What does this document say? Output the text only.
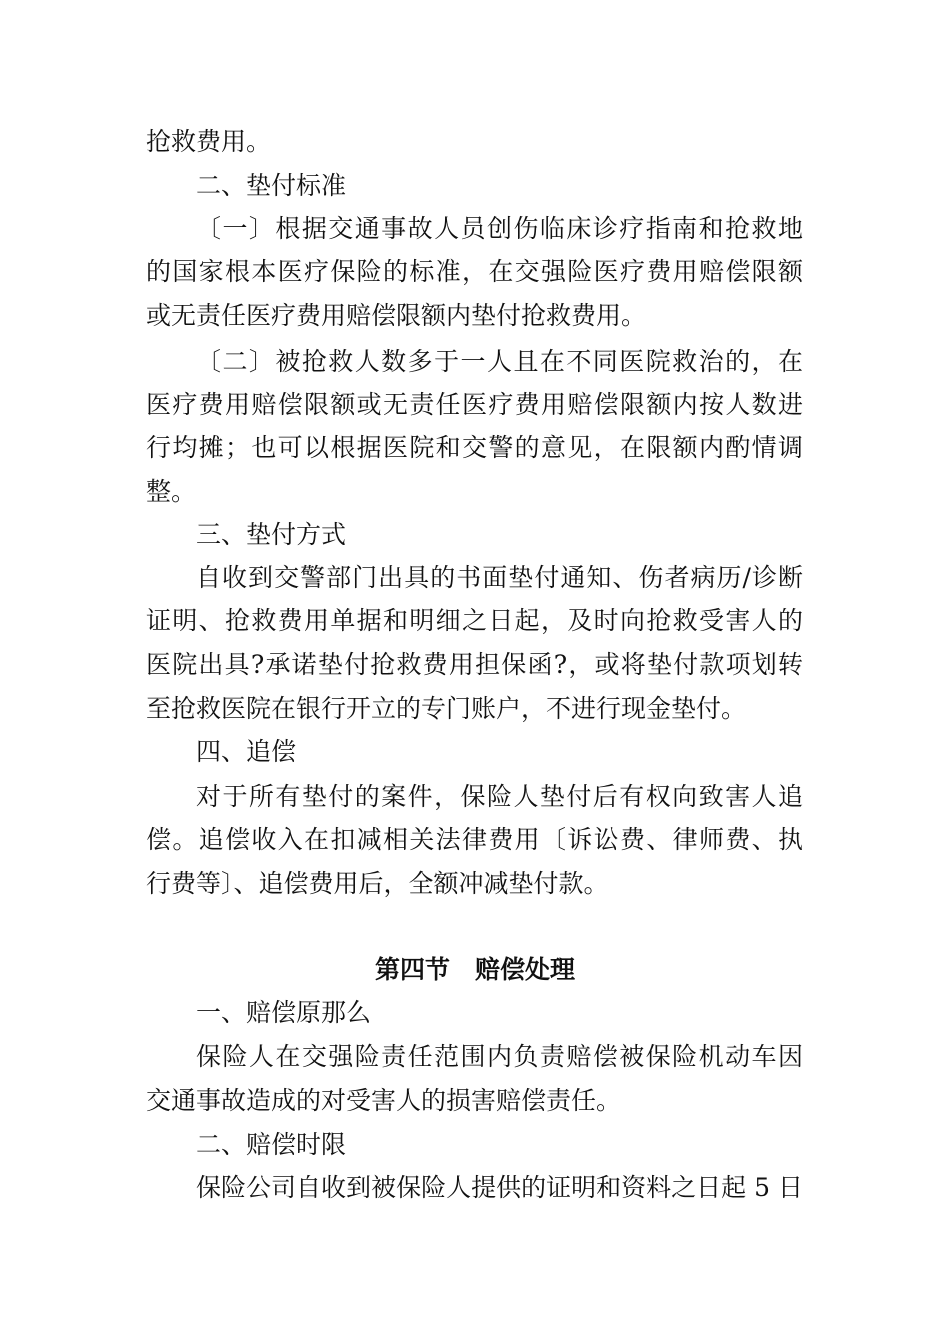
抢救费用。
二、垫付标准
〔一〕根据交通事故人员创伤临床诊疗指南和抢救地
的国家根本医疗保险的标准，在交强险医疗费用赔偿限额
或无责任医疗费用赔偿限额内垫付抢救费用。
〔二〕被抢救人数多于一人且在不同医院救治的，在
医疗费用赔偿限额或无责任医疗费用赔偿限额内按人数进
行均摊；也可以根据医院和交警的意见，在限额内酌情调
整。
三、垫付方式
自收到交警部门出具的书面垫付通知、伤者病历/诊断
证明、抢救费用单据和明细之日起，及时向抢救受害人的
医院出具?承诺垫付抢救费用担保函?，或将垫付款项划转
至抢救医院在银行开立的专门账户，不进行现金垫付。
四、追偿
对于所有垫付的案件，保险人垫付后有权向致害人追
偿。追偿收入在扣减相关法律费用〔诉讼费、律师费、执
行费等〕、追偿费用后，全额冲减垫付款。
第四节　赔偿处理
一、赔偿原那么
保险人在交强险责任范围内负责赔偿被保险机动车因
交通事故造成的对受害人的损害赔偿责任。
二、赔偿时限
保险公司自收到被保险人提供的证明和资料之日起 5 日
